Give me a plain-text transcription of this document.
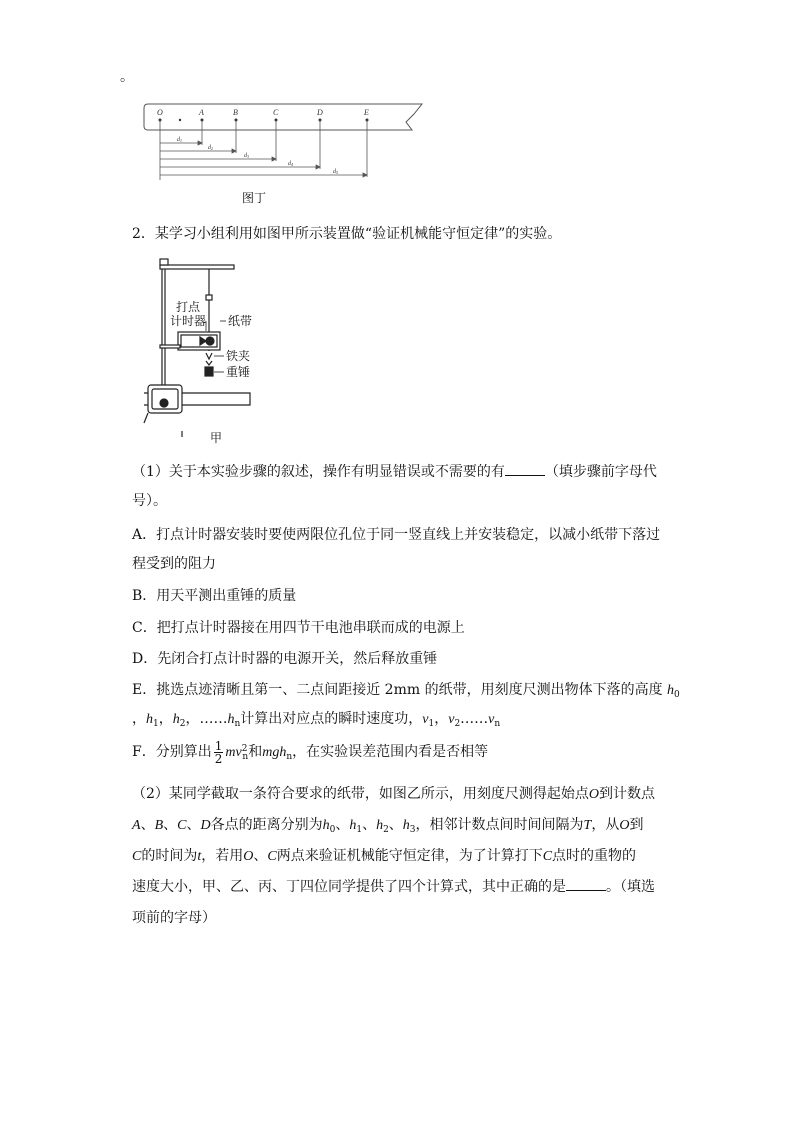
。
O	A	B	C	D	E
d1
d2
d3
d4
d5
图丁
2．某学习小组利用如图甲所示装置做“验证机械能守恒定律”的实验。
打点
计时器 纸带
铁夹
重锤
甲
（1）关于本实验步骤的叙述，操作有明显错误或不需要的有	（填步骤前字母代
号）。
A．打点计时器安装时要使两限位孔位于同一竖直线上并安装稳定，以减小纸带下落过
程受到的阻力
B．用天平测出重锤的质量
C．把打点计时器接在用四节干电池串联而成的电源上
D．先闭合打点计时器的电源开关，然后释放重锤
E．挑选点迹清晰且第一、二点间距接近 2mm 的纸带，用刻度尺测出物体下落的高度 $h_0$
，$h_1$，$h_2$，$\dots\dots h_n$计算出对应点的瞬时速度功，$v_1$，$v_2\dots\dots v_n$
F．分别算出 $\frac{1}{2} mv^2_n$和mgh$_n$，在实验误差范围内看是否相等
（2）某同学截取一条符合要求的纸带，如图乙所示，用刻度尺测得起始点O到计数点
A、B、C、D各点的距离分别为$h_0$、$h_1$、$h_2$、$h_3$，相邻计数点间时间间隔为T，从O到
C的时间为t，若用O、C两点来验证机械能守恒定律，为了计算打下C点时的重物的
速度大小，甲、乙、丙、丁四位同学提供了四个计算式，其中正确的是	。（填选
项前的字母）
